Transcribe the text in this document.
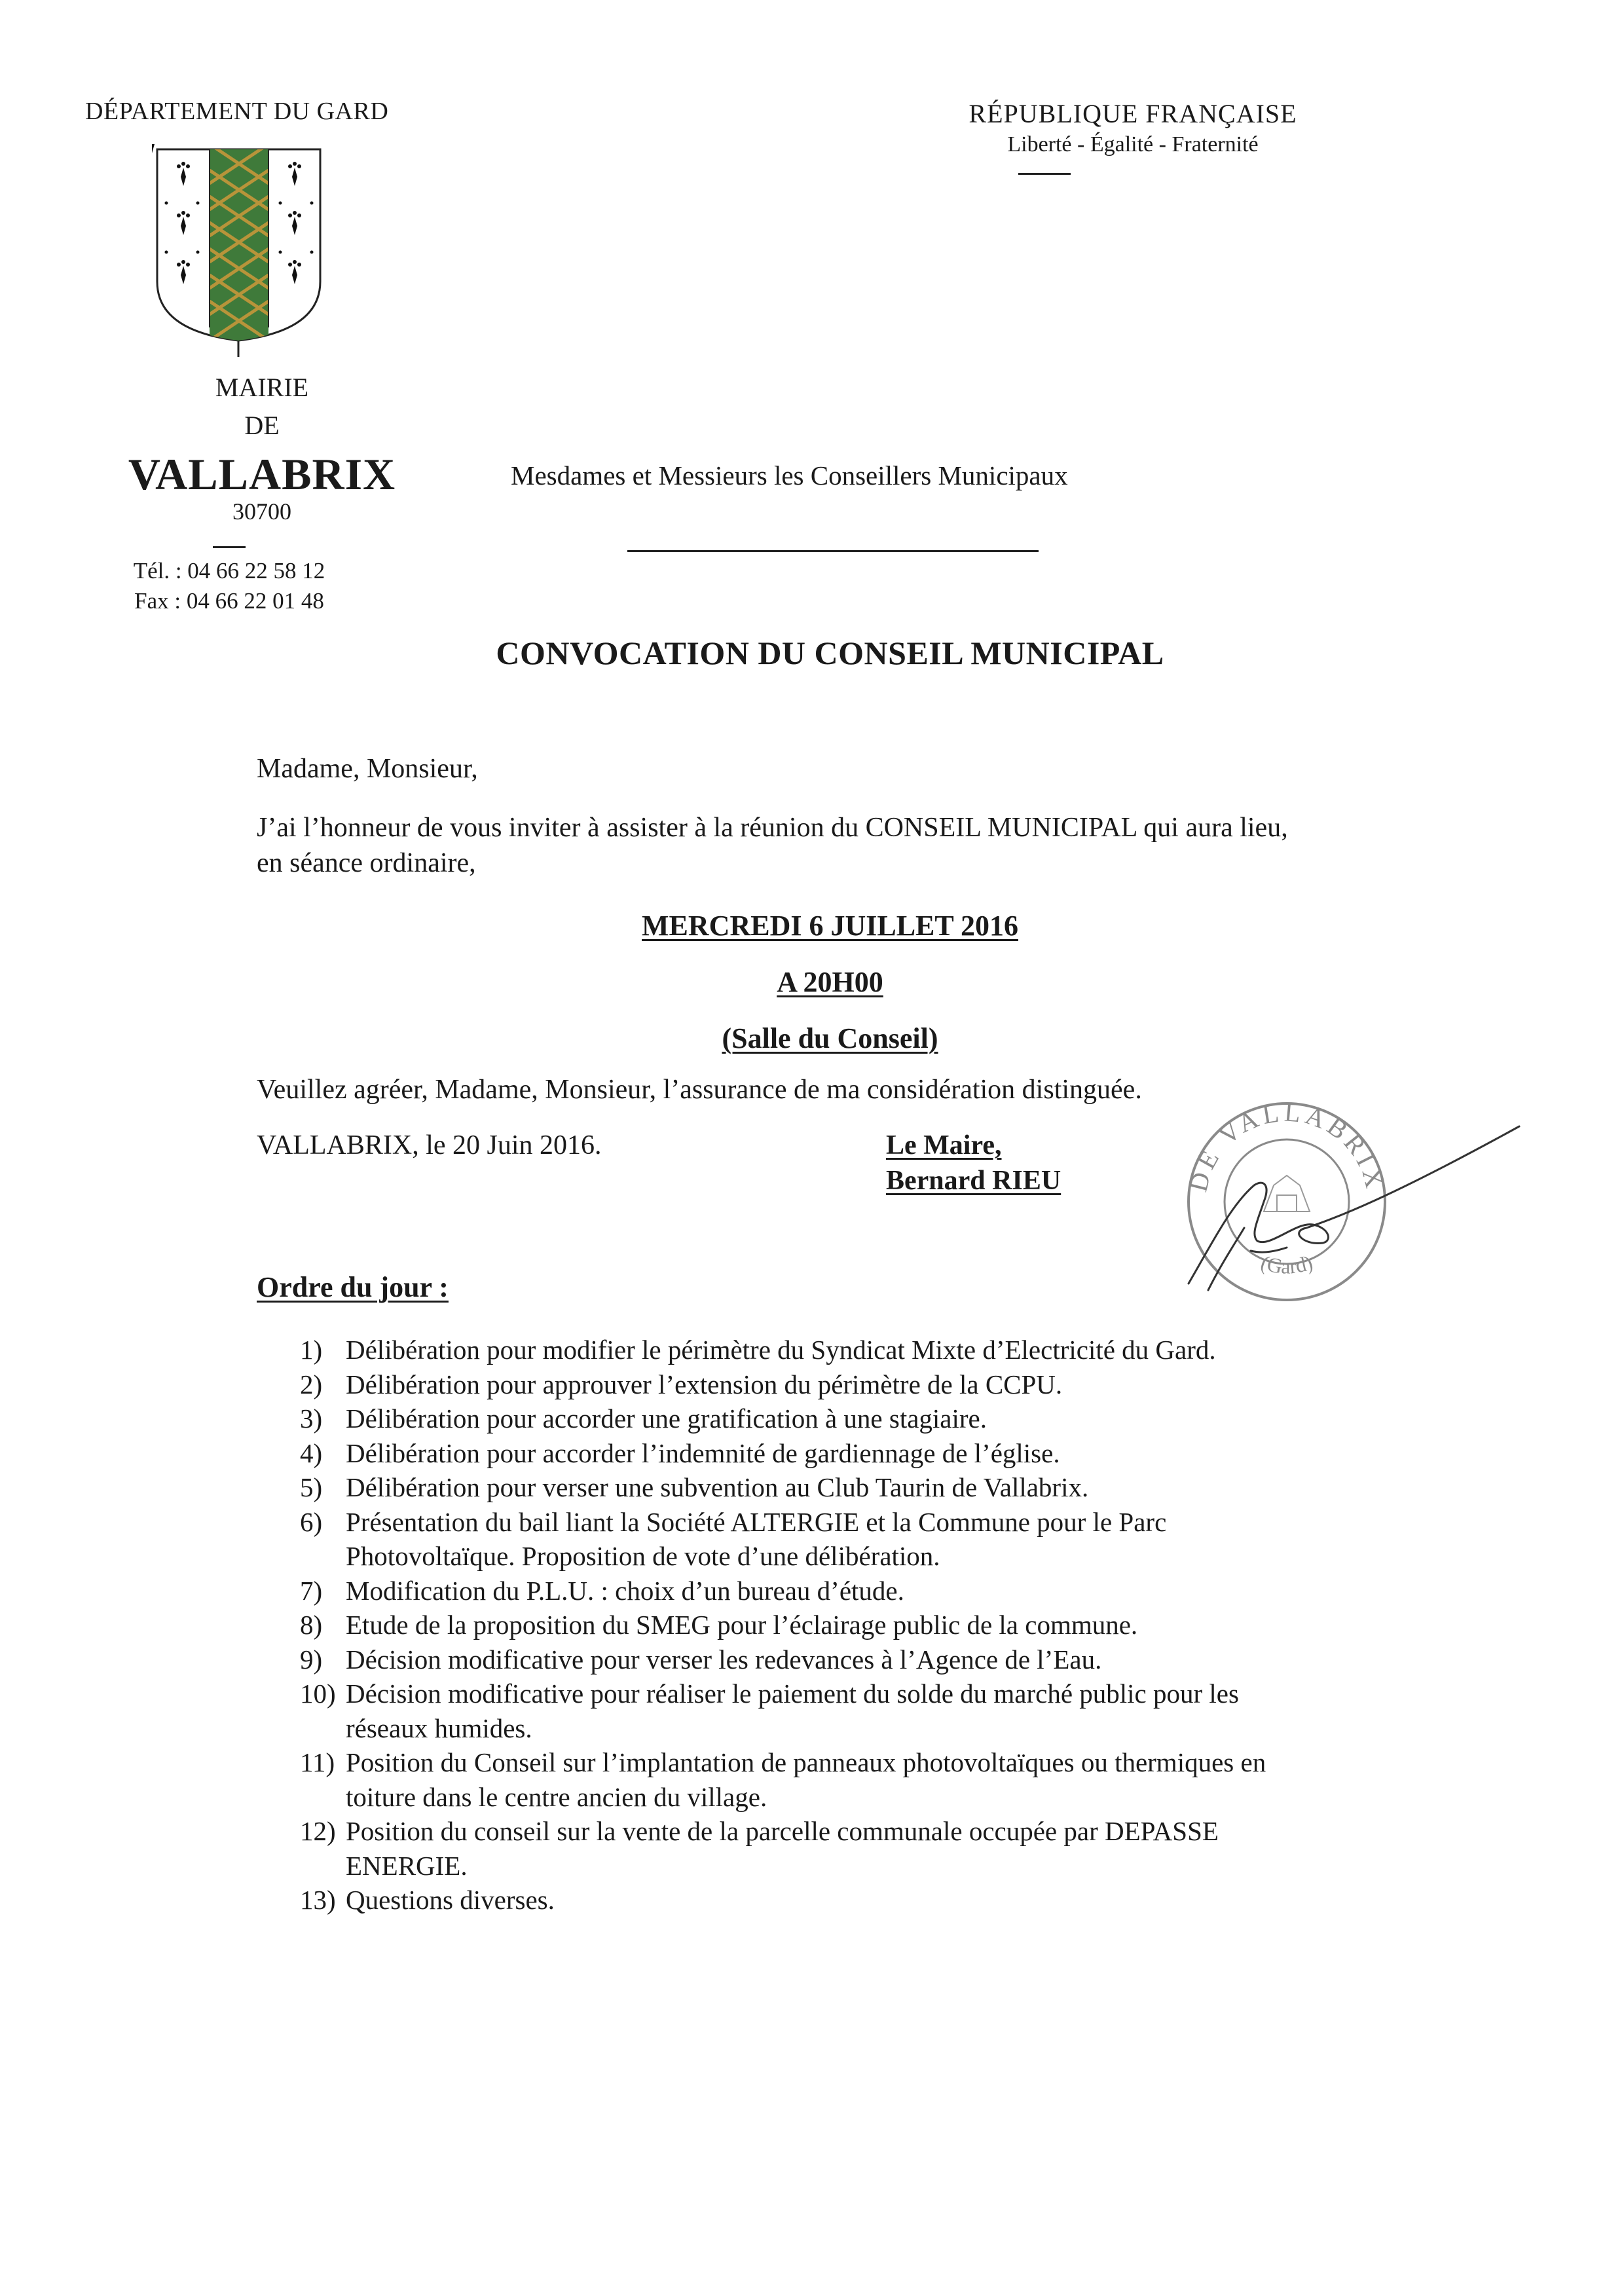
DÉPARTEMENT DU GARD
MAIRIE
DE
VALLABRIX
30700
Tél. : 04 66 22 58 12
Fax : 04 66 22 01 48
RÉPUBLIQUE FRANÇAISE
Liberté - Égalité - Fraternité
Mesdames et Messieurs les Conseillers Municipaux
CONVOCATION DU CONSEIL MUNICIPAL
Madame, Monsieur,
J’ai l’honneur de vous inviter à assister à la réunion du CONSEIL MUNICIPAL qui aura lieu,
en séance ordinaire,
MERCREDI 6 JUILLET 2016
A 20H00
(Salle du Conseil)
Veuillez agréer, Madame, Monsieur, l’assurance de ma considération distinguée.
VALLABRIX, le 20 Juin 2016.	Le Maire,
Bernard RIEU	DE VALLABRIX
(Gard)
Ordre du jour :
1) Délibération pour modifier le périmètre du Syndicat Mixte d’Electricité du Gard.
2) Délibération pour approuver l’extension du périmètre de la CCPU.
3) Délibération pour accorder une gratification à une stagiaire.
4) Délibération pour accorder l’indemnité de gardiennage de l’église.
5) Délibération pour verser une subvention au Club Taurin de Vallabrix.
6) Présentation du bail liant la Société ALTERGIE et la Commune pour le Parc
Photovoltaïque. Proposition de vote d’une délibération.
7) Modification du P.L.U. : choix d’un bureau d’étude.
8) Etude de la proposition du SMEG pour l’éclairage public de la commune.
9) Décision modificative pour verser les redevances à l’Agence de l’Eau.
10) Décision modificative pour réaliser le paiement du solde du marché public pour les
réseaux humides.
11) Position du Conseil sur l’implantation de panneaux photovoltaïques ou thermiques en
toiture dans le centre ancien du village.
12) Position du conseil sur la vente de la parcelle communale occupée par DEPASSE
ENERGIE.
13) Questions diverses.
